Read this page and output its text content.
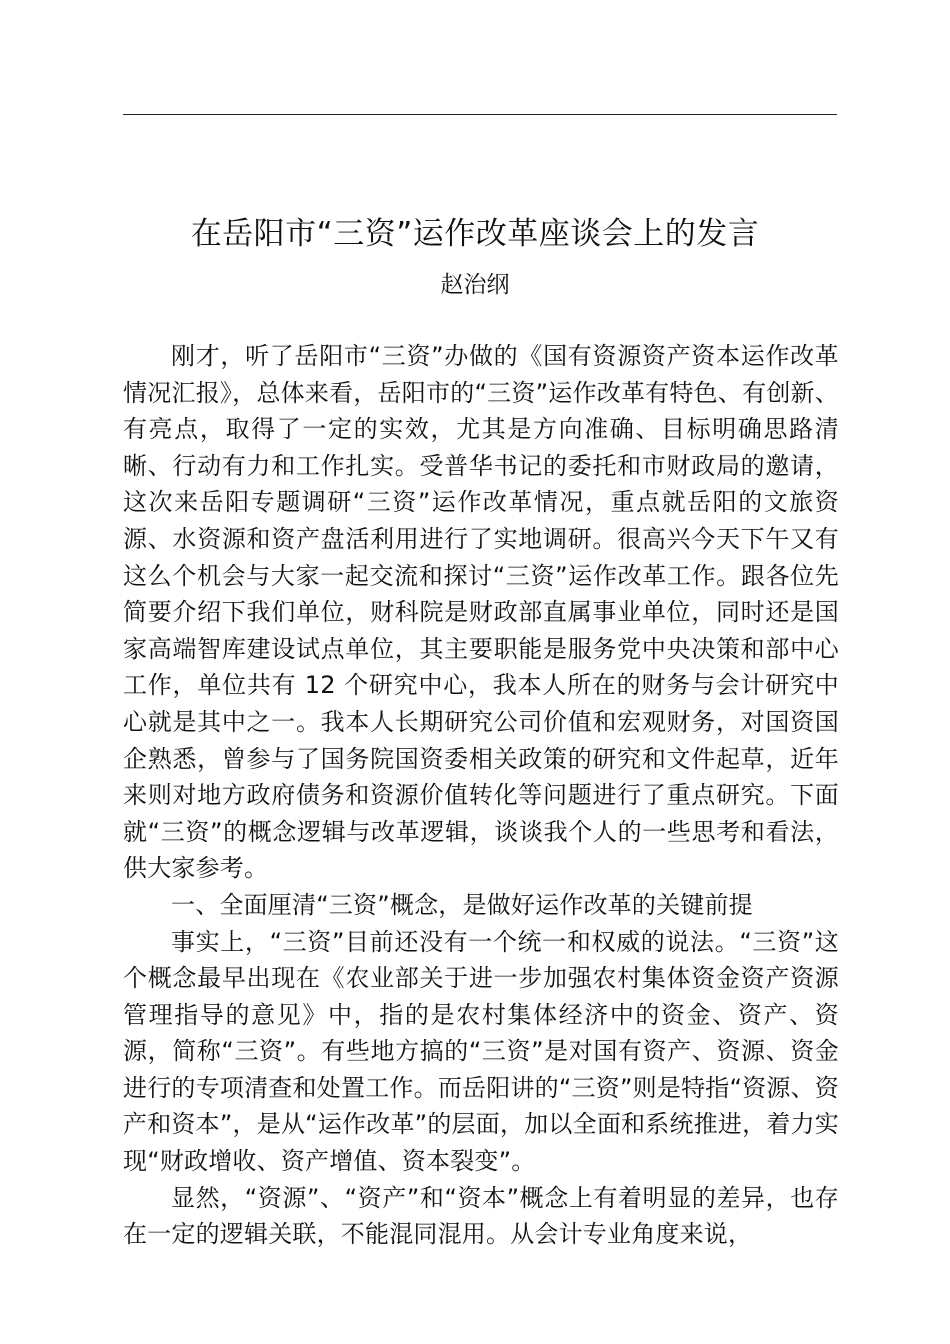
在岳阳市“三资”运作改革座谈会上的发言
赵治纲

刚才，听了岳阳市“三资”办做的《国有资源资产资本运作改革情况汇报》，总体来看，岳阳市的“三资”运作改革有特色、有创新、有亮点，取得了一定的实效，尤其是方向准确、目标明确思路清晰、行动有力和工作扎实。受普华书记的委托和市财政局的邀请，这次来岳阳专题调研“三资”运作改革情况，重点就岳阳的文旅资源、水资源和资产盘活利用进行了实地调研。很高兴今天下午又有这么个机会与大家一起交流和探讨“三资”运作改革工作。跟各位先简要介绍下我们单位，财科院是财政部直属事业单位，同时还是国家高端智库建设试点单位，其主要职能是服务党中央决策和部中心工作，单位共有 12 个研究中心，我本人所在的财务与会计研究中心就是其中之一。我本人长期研究公司价值和宏观财务，对国资国企熟悉，曾参与了国务院国资委相关政策的研究和文件起草，近年来则对地方政府债务和资源价值转化等问题进行了重点研究。下面就“三资”的概念逻辑与改革逻辑，谈谈我个人的一些思考和看法，供大家参考。

一、全面厘清“三资”概念，是做好运作改革的关键前提

事实上，“三资”目前还没有一个统一和权威的说法。“三资”这个概念最早出现在《农业部关于进一步加强农村集体资金资产资源管理指导的意见》中，指的是农村集体经济中的资金、资产、资源，简称“三资”。有些地方搞的“三资”是对国有资产、资源、资金进行的专项清查和处置工作。而岳阳讲的“三资”则是特指“资源、资产和资本”，是从“运作改革”的层面，加以全面和系统推进，着力实现“财政增收、资产增值、资本裂变”。

显然，“资源”、“资产”和“资本”概念上有着明显的差异，也存在一定的逻辑关联，不能混同混用。从会计专业角度来说，
